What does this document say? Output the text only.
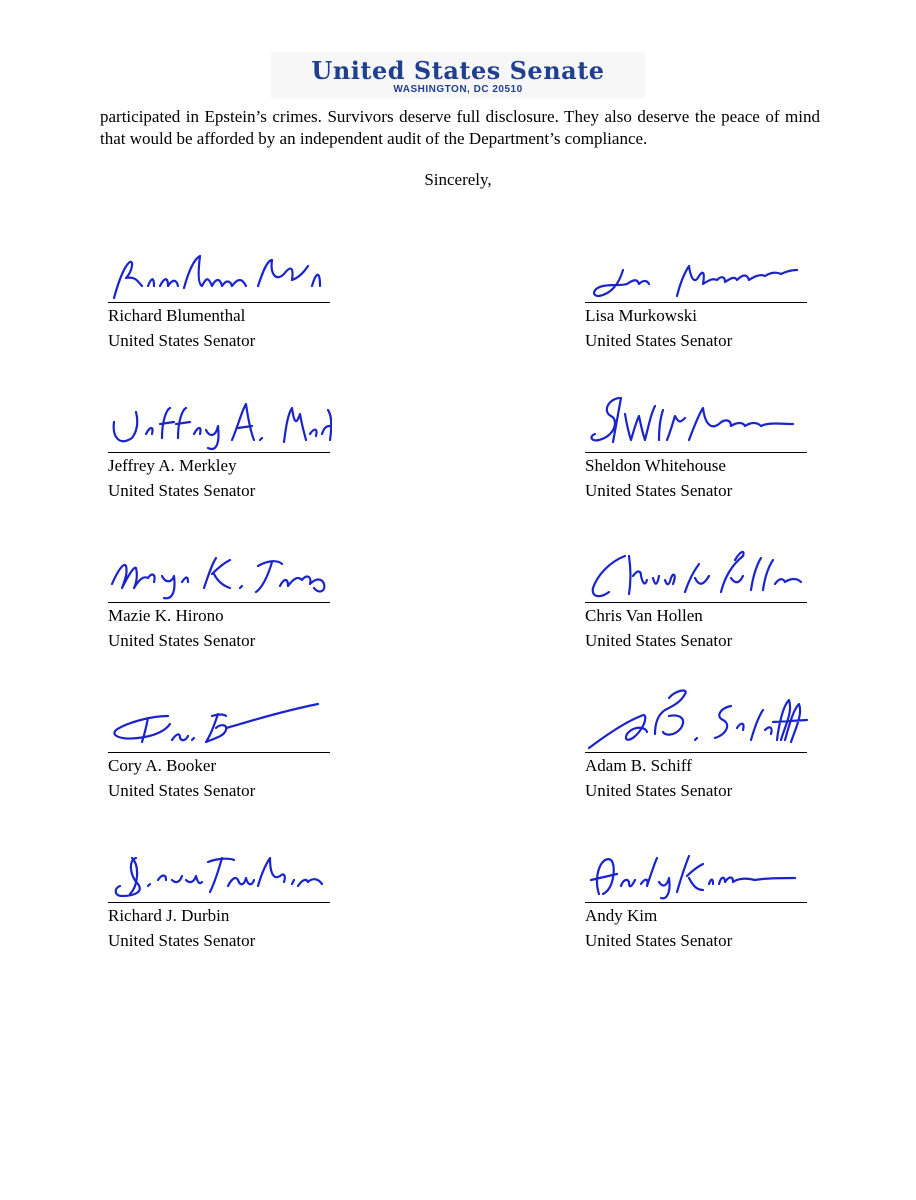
United States Senate
WASHINGTON, DC 20510
participated in Epstein’s crimes. Survivors deserve full disclosure. They also deserve the peace of mind that would be afforded by an independent audit of the Department’s compliance.
Sincerely,
Richard Blumenthal
United States Senator
Lisa Murkowski
United States Senator
Jeffrey A. Merkley
United States Senator
Sheldon Whitehouse
United States Senator
Mazie K. Hirono
United States Senator
Chris Van Hollen
United States Senator
Cory A. Booker
United States Senator
Adam B. Schiff
United States Senator
Richard J. Durbin
United States Senator
Andy Kim
United States Senator
